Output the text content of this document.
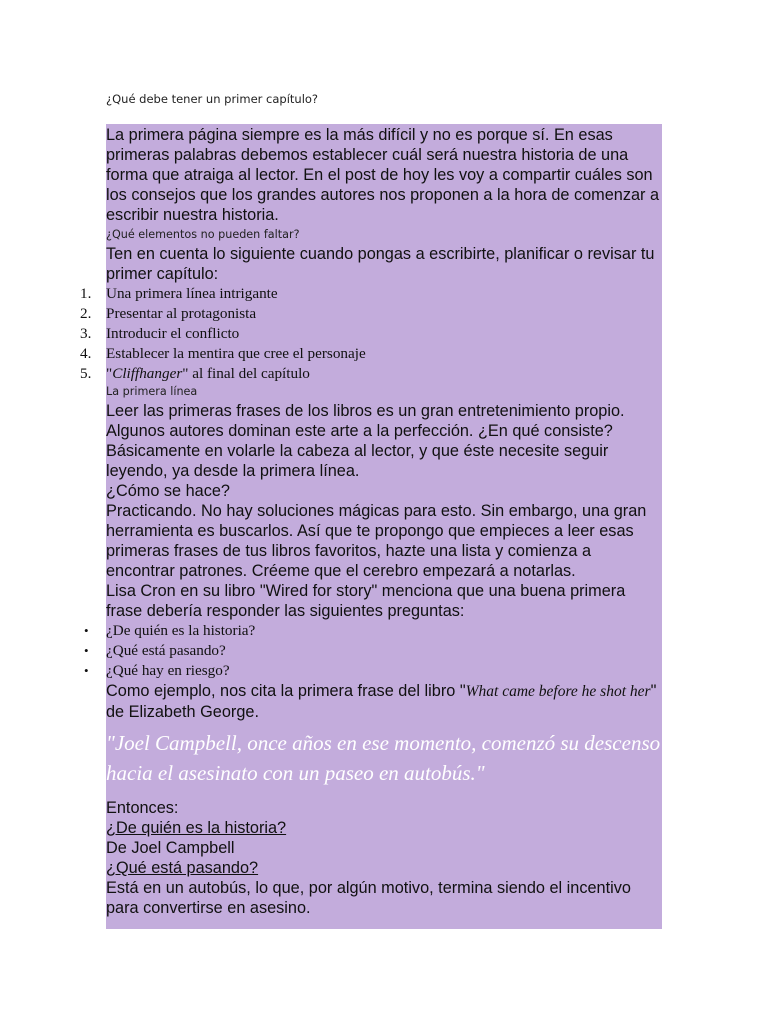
¿Qué debe tener un primer capítulo?

La primera página siempre es la más difícil y no es porque sí. En esas primeras palabras debemos establecer cuál será nuestra historia de una forma que atraiga al lector. En el post de hoy les voy a compartir cuáles son los consejos que los grandes autores nos proponen a la hora de comenzar a escribir nuestra historia.

¿Qué elementos no pueden faltar?

Ten en cuenta lo siguiente cuando pongas a escribirte, planificar o revisar tu primer capítulo:

1. Una primera línea intrigante
2. Presentar al protagonista
3. Introducir el conflicto
4. Establecer la mentira que cree el personaje
5. "Cliffhanger" al final del capítulo

La primera línea

Leer las primeras frases de los libros es un gran entretenimiento propio. Algunos autores dominan este arte a la perfección. ¿En qué consiste? Básicamente en volarle la cabeza al lector, y que éste necesite seguir leyendo, ya desde la primera línea.

¿Cómo se hace?

Practicando. No hay soluciones mágicas para esto. Sin embargo, una gran herramienta es buscarlos. Así que te propongo que empieces a leer esas primeras frases de tus libros favoritos, hazte una lista y comienza a encontrar patrones. Créeme que el cerebro empezará a notarlas.

Lisa Cron en su libro "Wired for story" menciona que una buena primera frase debería responder las siguientes preguntas:

• ¿De quién es la historia?
• ¿Qué está pasando?
• ¿Qué hay en riesgo?

Como ejemplo, nos cita la primera frase del libro "What came before he shot her" de Elizabeth George.

"Joel Campbell, once años en ese momento, comenzó su descenso hacia el asesinato con un paseo en autobús."

Entonces:

¿De quién es la historia?

De Joel Campbell

¿Qué está pasando?

Está en un autobús, lo que, por algún motivo, termina siendo el incentivo para convertirse en asesino.
